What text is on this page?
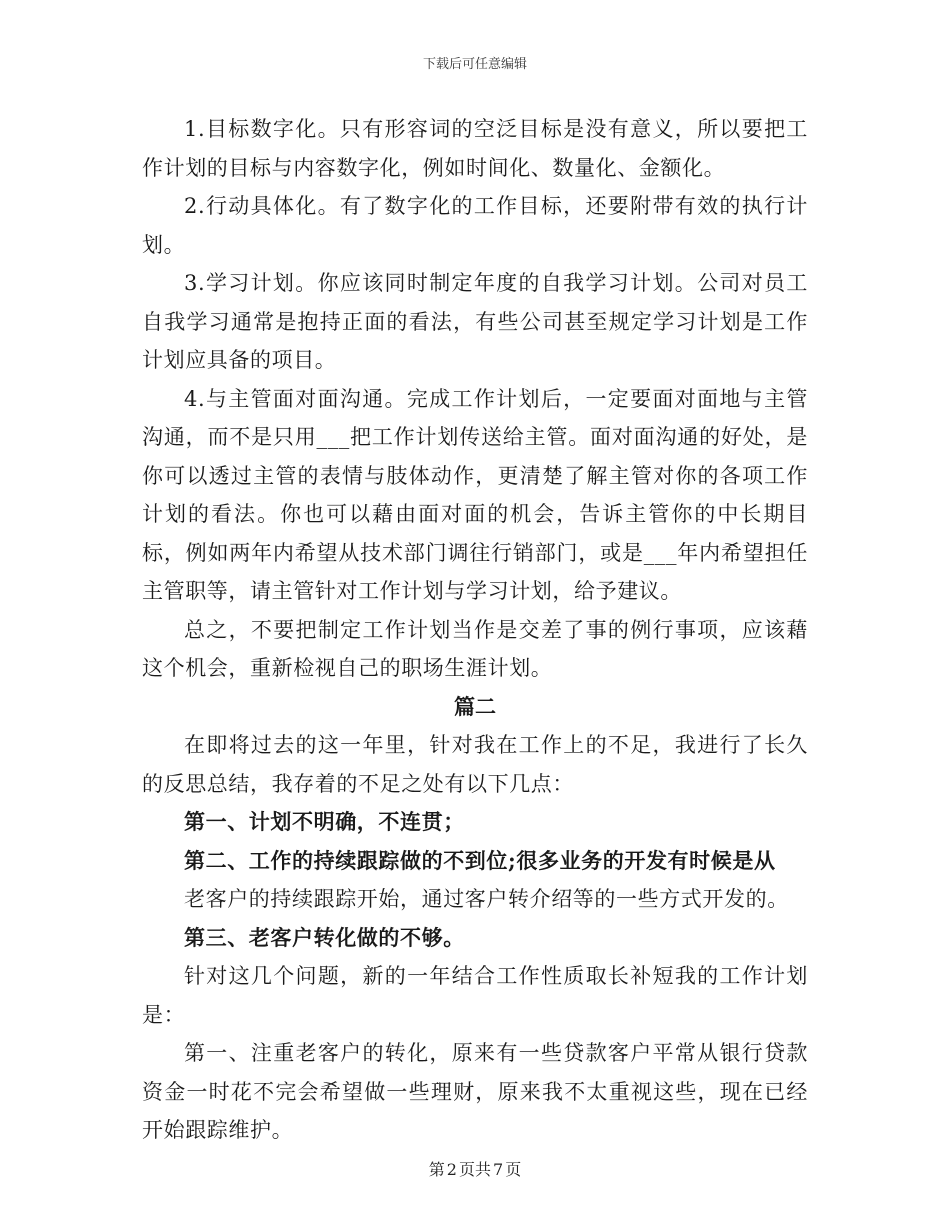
下载后可任意编辑

1.目标数字化。只有形容词的空泛目标是没有意义，所以要把工作计划的目标与内容数字化，例如时间化、数量化、金额化。

2.行动具体化。有了数字化的工作目标，还要附带有效的执行计划。

3.学习计划。你应该同时制定年度的自我学习计划。公司对员工自我学习通常是抱持正面的看法，有些公司甚至规定学习计划是工作计划应具备的项目。

4.与主管面对面沟通。完成工作计划后，一定要面对面地与主管沟通，而不是只用___把工作计划传送给主管。面对面沟通的好处，是你可以透过主管的表情与肢体动作，更清楚了解主管对你的各项工作计划的看法。你也可以藉由面对面的机会，告诉主管你的中长期目标，例如两年内希望从技术部门调往行销部门，或是___年内希望担任主管职等，请主管针对工作计划与学习计划，给予建议。

总之，不要把制定工作计划当作是交差了事的例行事项，应该藉这个机会，重新检视自己的职场生涯计划。

篇二

在即将过去的这一年里，针对我在工作上的不足，我进行了长久的反思总结，我存着的不足之处有以下几点：

第一、计划不明确，不连贯；

第二、工作的持续跟踪做的不到位;很多业务的开发有时候是从

老客户的持续跟踪开始，通过客户转介绍等的一些方式开发的。

第三、老客户转化做的不够。

针对这几个问题，新的一年结合工作性质取长补短我的工作计划是：

第一、注重老客户的转化，原来有一些贷款客户平常从银行贷款资金一时花不完会希望做一些理财，原来我不太重视这些，现在已经开始跟踪维护。

第 2 页共 7 页
